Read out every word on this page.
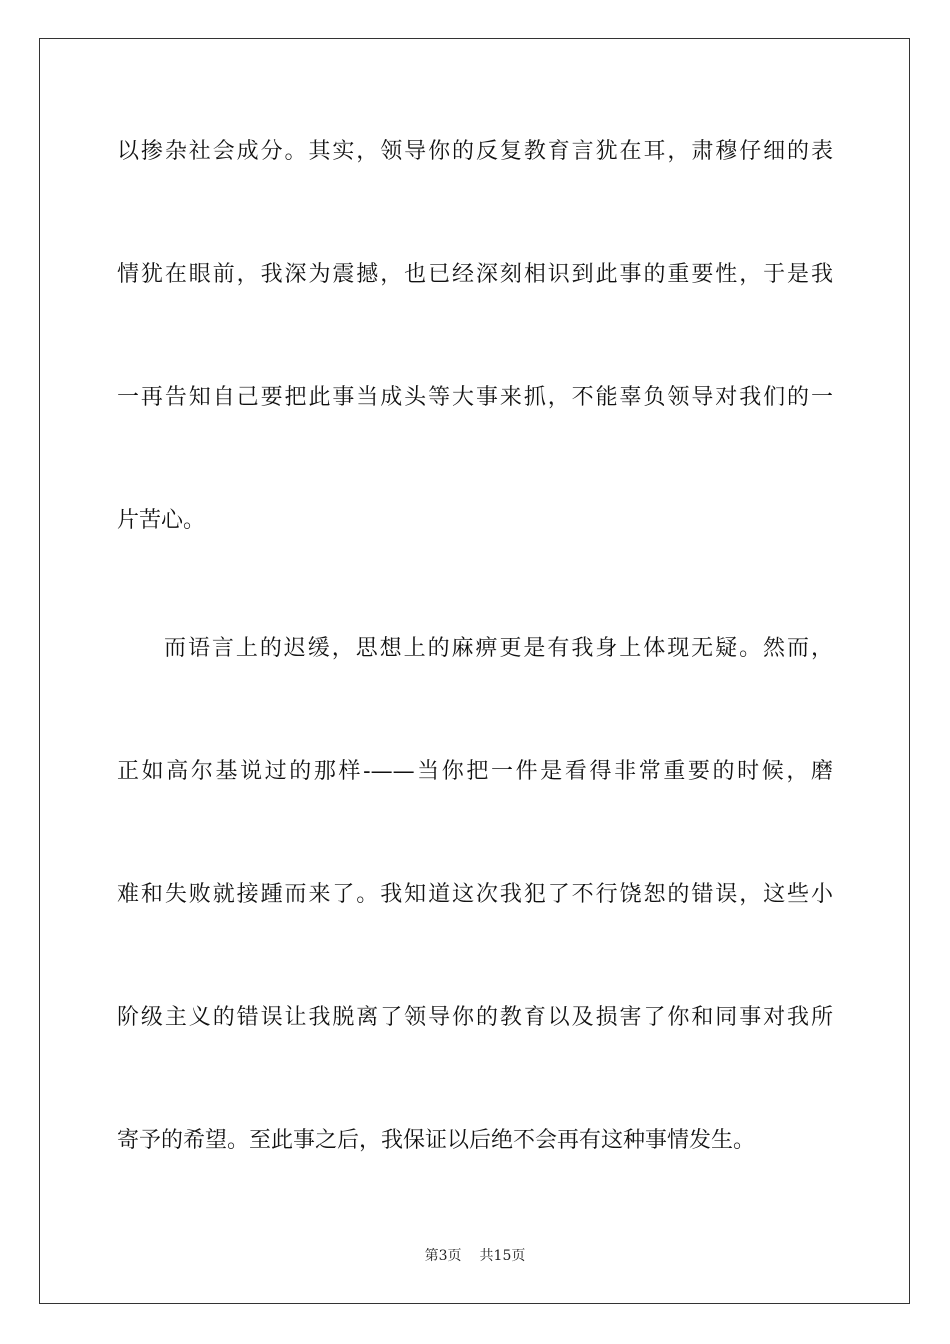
以掺杂社会成分。其实，领导你的反复教育言犹在耳，肃穆仔细的表
情犹在眼前，我深为震撼，也已经深刻相识到此事的重要性，于是我
一再告知自己要把此事当成头等大事来抓，不能辜负领导对我们的一
片苦心。
而语言上的迟缓，思想上的麻痹更是有我身上体现无疑。然而，
正如高尔基说过的那样-——当你把一件是看得非常重要的时候，磨
难和失败就接踵而来了。我知道这次我犯了不行饶恕的错误，这些小
阶级主义的错误让我脱离了领导你的教育以及损害了你和同事对我所
寄予的希望。至此事之后，我保证以后绝不会再有这种事情发生。
第3页 共15页
